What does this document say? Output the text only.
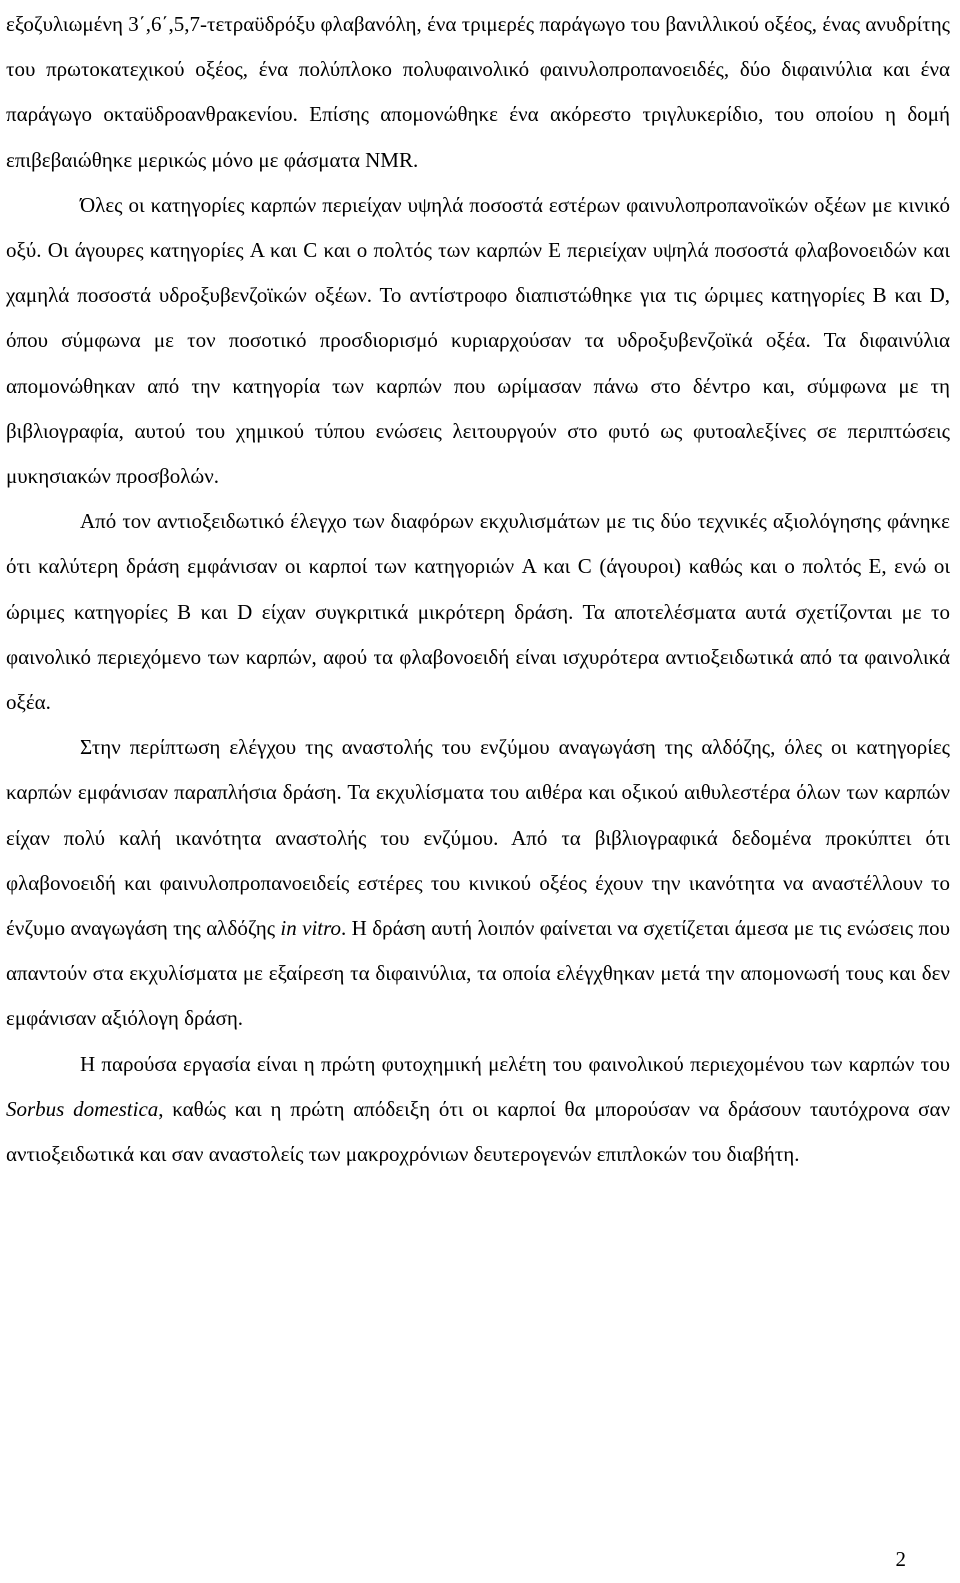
εξοζυλιωμένη 3΄,6΄,5,7-τετραϋδρόξυ φλαβανόλη, ένα τριμερές παράγωγο του βανιλλικού οξέος, ένας ανυδρίτης του πρωτοκατεχικού οξέος, ένα πολύπλοκο πολυφαινολικό φαινυλοπροπανοειδές, δύο διφαινύλια και ένα παράγωγο οκταϋδροανθρακενίου. Επίσης απομονώθηκε ένα ακόρεστο τριγλυκερίδιο, του οποίου η δομή επιβεβαιώθηκε μερικώς μόνο με φάσματα NMR.

Όλες οι κατηγορίες καρπών περιείχαν υψηλά ποσοστά εστέρων φαινυλοπροπανοϊκών οξέων με κινικό οξύ. Οι άγουρες κατηγορίες A και C και ο πολτός των καρπών E περιείχαν υψηλά ποσοστά φλαβονοειδών και χαμηλά ποσοστά υδροξυβενζοϊκών οξέων. Το αντίστροφο διαπιστώθηκε για τις ώριμες κατηγορίες B και D, όπου σύμφωνα με τον ποσοτικό προσδιορισμό κυριαρχούσαν τα υδροξυβενζοϊκά οξέα. Τα διφαινύλια απομονώθηκαν από την κατηγορία των καρπών που ωρίμασαν πάνω στο δέντρο και, σύμφωνα με τη βιβλιογραφία, αυτού του χημικού τύπου ενώσεις λειτουργούν στο φυτό ως φυτοαλεξίνες σε περιπτώσεις μυκησιακών προσβολών.

Από τον αντιοξειδωτικό έλεγχο των διαφόρων εκχυλισμάτων με τις δύο τεχνικές αξιολόγησης φάνηκε ότι καλύτερη δράση εμφάνισαν οι καρποί των κατηγοριών A και C (άγουροι) καθώς και ο πολτός E, ενώ οι ώριμες κατηγορίες B και D είχαν συγκριτικά μικρότερη δράση. Τα αποτελέσματα αυτά σχετίζονται με το φαινολικό περιεχόμενο των καρπών, αφού τα φλαβονοειδή είναι ισχυρότερα αντιοξειδωτικά από τα φαινολικά οξέα.

Στην περίπτωση ελέγχου της αναστολής του ενζύμου αναγωγάση της αλδόζης, όλες οι κατηγορίες καρπών εμφάνισαν παραπλήσια δράση. Τα εκχυλίσματα του αιθέρα και οξικού αιθυλεστέρα όλων των καρπών είχαν πολύ καλή ικανότητα αναστολής του ενζύμου. Από τα βιβλιογραφικά δεδομένα προκύπτει ότι φλαβονοειδή και φαινυλοπροπανοειδείς εστέρες του κινικού οξέος έχουν την ικανότητα να αναστέλλουν το ένζυμο αναγωγάση της αλδόζης in vitro. Η δράση αυτή λοιπόν φαίνεται να σχετίζεται άμεσα με τις ενώσεις που απαντούν στα εκχυλίσματα με εξαίρεση τα διφαινύλια, τα οποία ελέγχθηκαν μετά την απομονωσή τους και δεν εμφάνισαν αξιόλογη δράση.

Η παρούσα εργασία είναι η πρώτη φυτοχημική μελέτη του φαινολικού περιεχομένου των καρπών του Sorbus domestica, καθώς και η πρώτη απόδειξη ότι οι καρποί θα μπορούσαν να δράσουν ταυτόχρονα σαν αντιοξειδωτικά και σαν αναστολείς των μακροχρόνιων δευτερογενών επιπλοκών του διαβήτη.

2
